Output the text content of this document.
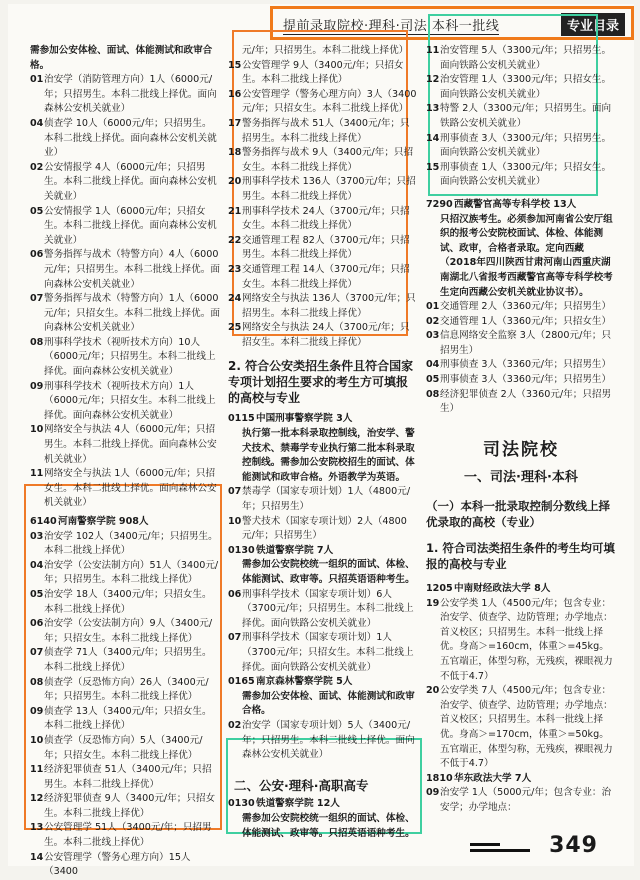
提前录取院校·理科·司法·本科一批线	专业目录
需参加公安体检、面试、体能测试和政审合格。
01 治安学（消防管理方向）1人（6000元/年；只招男生。本科二批线上择优。面向森林公安机关就业）
04 侦查学 10人（6000元/年；只招男生。本科二批线上择优。面向森林公安机关就业）
02 公安情报学 4人（6000元/年；只招男生。本科二批线上择优。面向森林公安机关就业）
05 公安情报学 1人（6000元/年；只招女生。本科二批线上择优。面向森林公安机关就业）
06 警务指挥与战术（特警方向）4人（6000元/年；只招男生。本科二批线上择优。面向森林公安机关就业）
07 警务指挥与战术（特警方向）1人（6000元/年；只招女生。本科二批线上择优。面向森林公安机关就业）
08 刑事科学技术（视听技术方向）10人（6000元/年；只招男生。本科二批线上择优。面向森林公安机关就业）
09 刑事科学技术（视听技术方向）1人（6000元/年；只招女生。本科二批线上择优。面向森林公安机关就业）
10 网络安全与执法 4人（6000元/年；只招男生。本科二批线上择优。面向森林公安机关就业）
11 网络安全与执法 1人（6000元/年；只招女生。本科二批线上择优。面向森林公安机关就业）
6140 河南警察学院 908人
03 治安学 102人（3400元/年；只招男生。本科二批线上择优）
04 治安学（公安法制方向）51人（3400元/年；只招男生。本科二批线上择优）
05 治安学 18人（3400元/年；只招女生。本科二批线上择优）
06 治安学（公安法制方向）9人（3400元/年；只招女生。本科二批线上择优）
07 侦查学 71人（3400元/年；只招男生。本科二批线上择优）
08 侦查学（反恐怖方向）26人（3400元/年；只招男生。本科二批线上择优）
09 侦查学 13人（3400元/年；只招女生。本科二批线上择优）
10 侦查学（反恐怖方向）5人（3400元/年；只招女生。本科二批线上择优）
11 经济犯罪侦查 51人（3400元/年；只招男生。本科二批线上择优）
12 经济犯罪侦查 9人（3400元/年；只招女生。本科二批线上择优）
13 公安管理学 51人（3400元/年；只招男生。本科二批线上择优）
14 公安管理学（警务心理方向）15人（3400
元/年；只招男生。本科二批线上择优）
15 公安管理学 9人（3400元/年；只招女生。本科二批线上择优）
16 公安管理学（警务心理方向）3人（3400元/年；只招女生。本科二批线上择优）
17 警务指挥与战术 51人（3400元/年；只招男生。本科二批线上择优）
18 警务指挥与战术 9人（3400元/年；只招女生。本科二批线上择优）
20 刑事科学技术 136人（3700元/年；只招男生。本科二批线上择优）
21 刑事科学技术 24人（3700元/年；只招女生。本科二批线上择优）
22 交通管理工程 82人（3700元/年；只招男生。本科二批线上择优）
23 交通管理工程 14人（3700元/年；只招女生。本科二批线上择优）
24 网络安全与执法 136人（3700元/年；只招男生。本科二批线上择优）
25 网络安全与执法 24人（3700元/年；只招女生。本科二批线上择优）
2. 符合公安类招生条件且符合国家专项计划招生要求的考生方可填报的高校与专业
0115 中国刑事警察学院 3人
执行第一批本科录取控制线，治安学、警犬技术、禁毒学专业执行第二批本科录取控制线。需参加公安院校招生的面试、体能测试和政审合格。外语教学为英语。
07 禁毒学（国家专项计划）1人（4800元/年；只招男生）
10 警犬技术（国家专项计划）2人（4800元/年；只招男生）
0130 铁道警察学院 7人
需参加公安院校统一组织的面试、体检、体能测试、政审等。只招英语语种考生。
06 刑事科学技术（国家专项计划）6人（3700元/年；只招男生。本科二批线上择优。面向铁路公安机关就业）
07 刑事科学技术（国家专项计划）1人（3700元/年；只招女生。本科二批线上择优。面向铁路公安机关就业）
0165 南京森林警察学院 5人
需参加公安体检、面试、体能测试和政审合格。
02 治安学（国家专项计划）5人（3400元/年；只招男生。本科二批线上择优。面向森林公安机关就业）
二、公安·理科·高职高专
0130 铁道警察学院 12人
需参加公安院校统一组织的面试、体检、体能测试、政审等。只招英语语种考生。
11 治安管理 5人（3300元/年；只招男生。面向铁路公安机关就业）
12 治安管理 1人（3300元/年；只招女生。面向铁路公安机关就业）
13 特警 2人（3300元/年；只招男生。面向铁路公安机关就业）
14 刑事侦查 3人（3300元/年；只招男生。面向铁路公安机关就业）
15 刑事侦查 1人（3300元/年；只招女生。面向铁路公安机关就业）
7290 西藏警官高等专科学校 13人
只招汉族考生。必须参加河南省公安厅组织的报考公安院校面试、体检、体能测试、政审，合格者录取。定向西藏（2018年四川陕西甘肃河南山西重庆湖南湖北八省报考西藏警官高等专科学校考生定向西藏公安机关就业协议书）。
01 交通管理 2人（3360元/年；只招男生）
02 交通管理 1人（3360元/年；只招女生）
03 信息网络安全监察 3人（2800元/年；只招男生）
04 刑事侦查 3人（3360元/年；只招男生）
05 刑事侦查 3人（3360元/年；只招男生）
08 经济犯罪侦查 2人（3360元/年；只招男生）
司法院校
一、司法·理科·本科
（一）本科一批录取控制分数线上择优录取的高校（专业）
1. 符合司法类招生条件的考生均可填报的高校与专业
1205 中南财经政法大学 8人
19 公安学类 1人（4500元/年；包含专业：治安学、侦查学、边防管理；办学地点：首义校区；只招男生。本科一批线上择优。身高＞=160cm，体重＞=45kg。五官端正，体型匀称，无残疾，裸眼视力不低于4.7）
20 公安学类 7人（4500元/年；包含专业：治安学、侦查学、边防管理；办学地点：首义校区；只招男生。本科一批线上择优。身高＞=170cm，体重＞=50kg。五官端正，体型匀称，无残疾，裸眼视力不低于4.7）
1810 华东政法大学 7人
09 治安学 1人（5000元/年；包含专业：治安学；办学地点：
349
